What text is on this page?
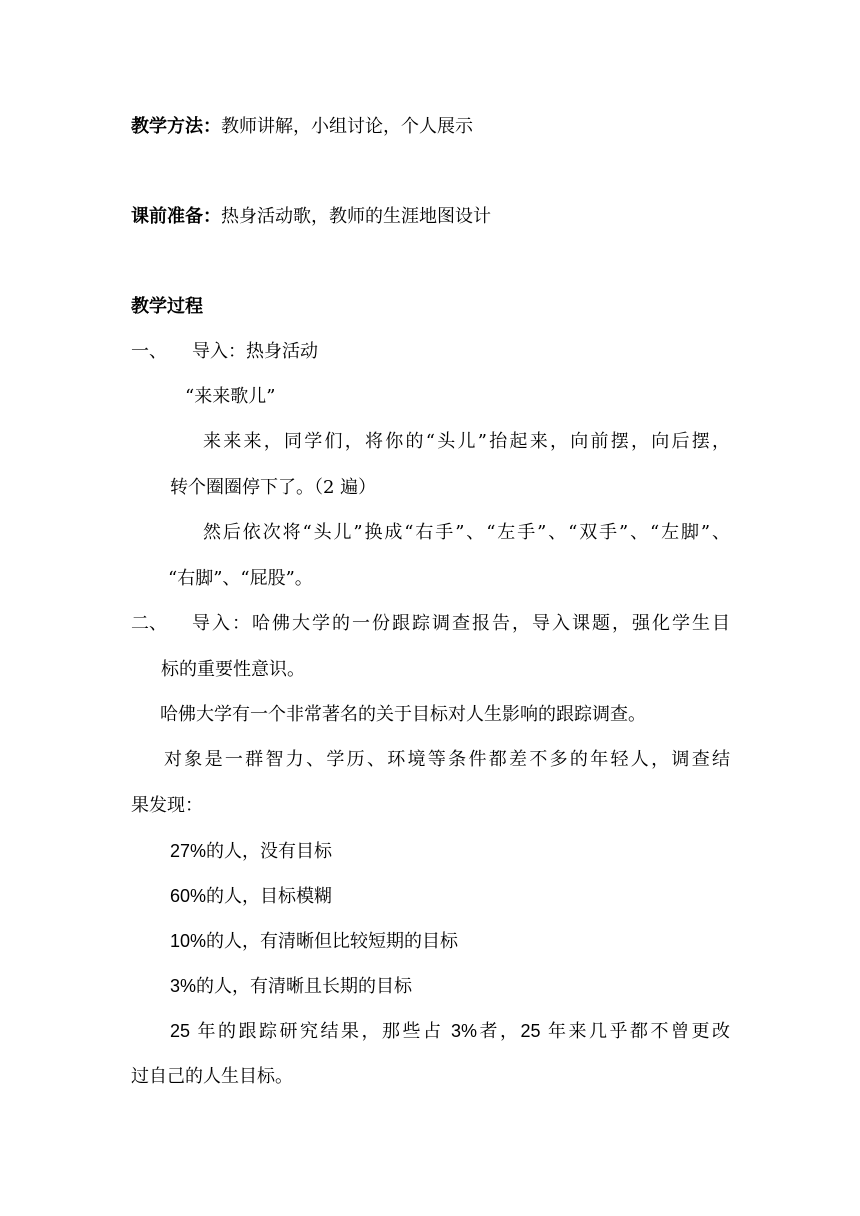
教学方法：教师讲解，小组讨论，个人展示
课前准备：热身活动歌，教师的生涯地图设计
教学过程
一、 导入：热身活动
“来来歌儿”
来来来，同学们，将你的“头儿”抬起来，向前摆，向后摆，
转个圈圈停下了。（2 遍）
然后依次将“头儿”换成“右手”、“左手”、“双手”、“左脚”、
“右脚”、“屁股”。
二、 导入：哈佛大学的一份跟踪调查报告，导入课题，强化学生目
标的重要性意识。
哈佛大学有一个非常著名的关于目标对人生影响的跟踪调查。
对象是一群智力、学历、环境等条件都差不多的年轻人，调查结
果发现：
27%的人，没有目标
60%的人，目标模糊
10%的人，有清晰但比较短期的目标
3%的人，有清晰且长期的目标
25 年的跟踪研究结果，那些占 3%者，25 年来几乎都不曾更改
过自己的人生目标。
